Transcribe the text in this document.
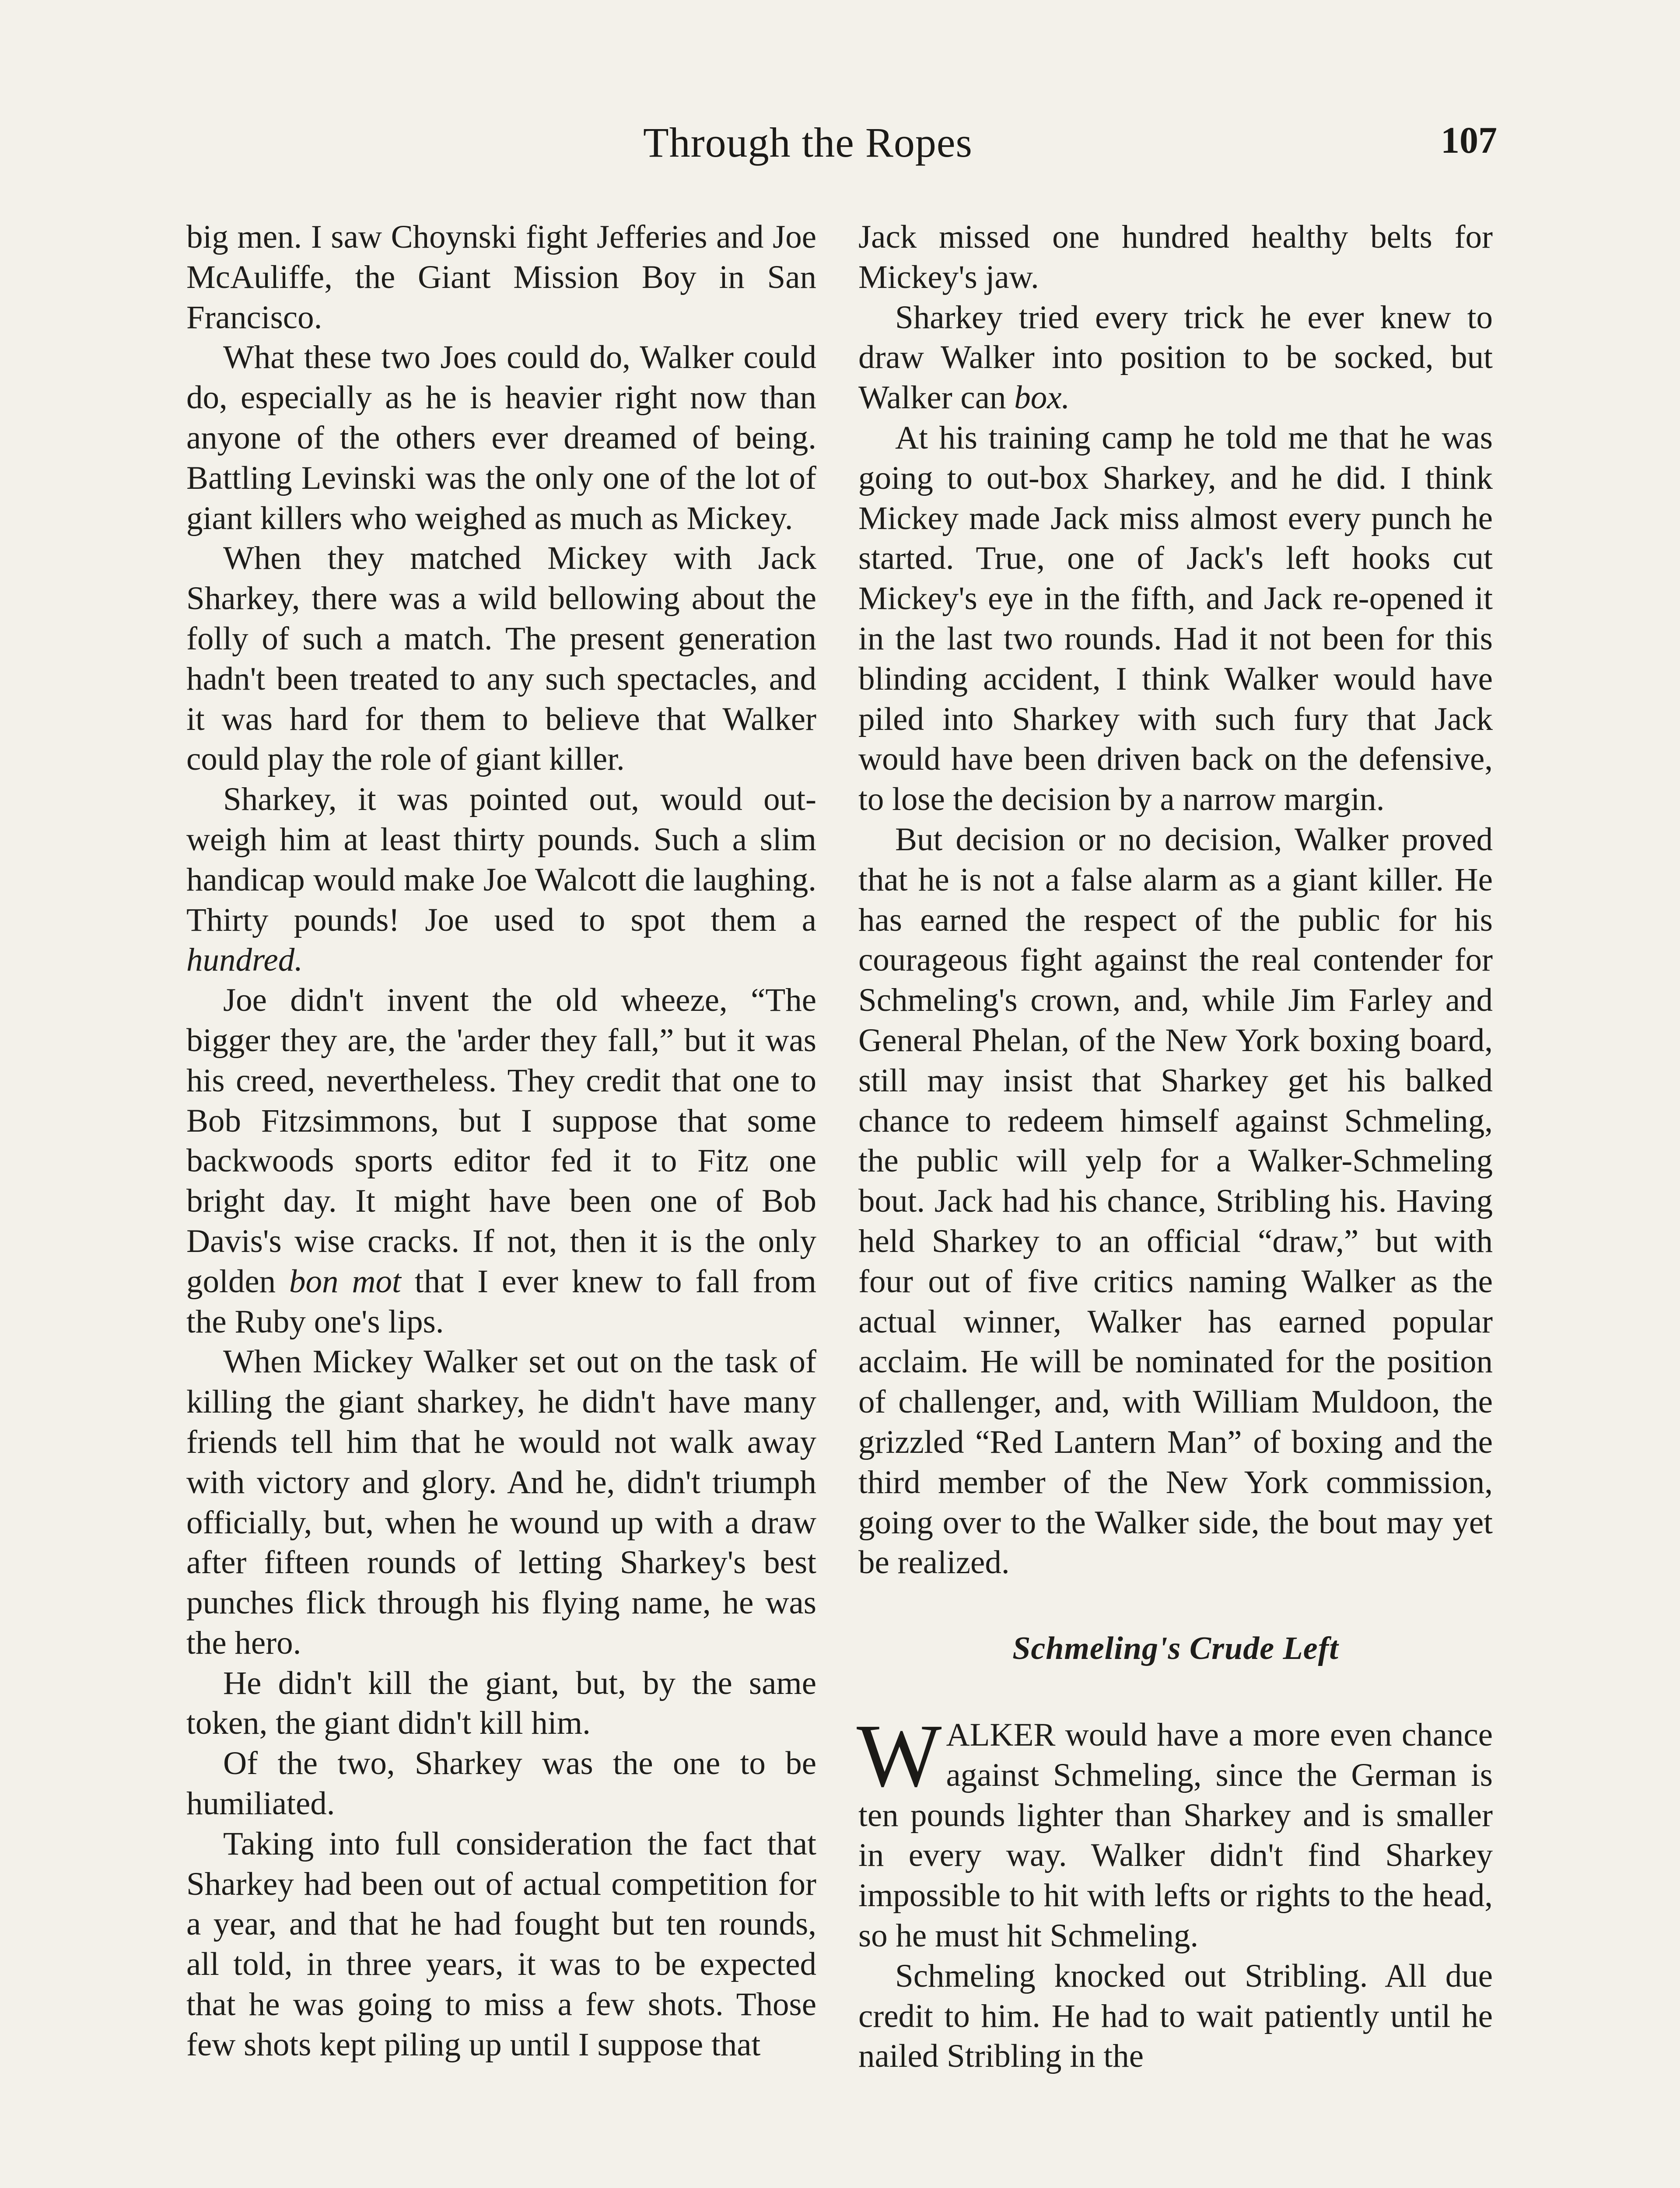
Through the Ropes	107

big men. I saw Choynski fight Jefferies and Joe McAuliffe, the Giant Mission Boy in San Francisco.

What these two Joes could do, Walker could do, especially as he is heavier right now than anyone of the others ever dreamed of being. Battling Levinski was the only one of the lot of giant killers who weighed as much as Mickey.

When they matched Mickey with Jack Sharkey, there was a wild bellowing about the folly of such a match. The present generation hadn't been treated to any such spectacles, and it was hard for them to believe that Walker could play the role of giant killer.

Sharkey, it was pointed out, would out-weigh him at least thirty pounds. Such a slim handicap would make Joe Walcott die laughing. Thirty pounds! Joe used to spot them a hundred.

Joe didn't invent the old wheeze, “The bigger they are, the 'arder they fall,” but it was his creed, nevertheless. They credit that one to Bob Fitzsimmons, but I suppose that some backwoods sports editor fed it to Fitz one bright day. It might have been one of Bob Davis's wise cracks. If not, then it is the only golden bon mot that I ever knew to fall from the Ruby one's lips.

When Mickey Walker set out on the task of killing the giant sharkey, he didn't have many friends tell him that he would not walk away with victory and glory. And he, didn't triumph officially, but, when he wound up with a draw after fifteen rounds of letting Sharkey's best punches flick through his flying name, he was the hero.

He didn't kill the giant, but, by the same token, the giant didn't kill him.

Of the two, Sharkey was the one to be humiliated.

Taking into full consideration the fact that Sharkey had been out of actual competition for a year, and that he had fought but ten rounds, all told, in three years, it was to be expected that he was going to miss a few shots. Those few shots kept piling up until I suppose that

Jack missed one hundred healthy belts for Mickey's jaw.

Sharkey tried every trick he ever knew to draw Walker into position to be socked, but Walker can box.

At his training camp he told me that he was going to out-box Sharkey, and he did. I think Mickey made Jack miss almost every punch he started. True, one of Jack's left hooks cut Mickey's eye in the fifth, and Jack re-opened it in the last two rounds. Had it not been for this blinding accident, I think Walker would have piled into Sharkey with such fury that Jack would have been driven back on the defensive, to lose the decision by a narrow margin.

But decision or no decision, Walker proved that he is not a false alarm as a giant killer. He has earned the respect of the public for his courageous fight against the real contender for Schmeling's crown, and, while Jim Farley and General Phelan, of the New York boxing board, still may insist that Sharkey get his balked chance to redeem himself against Schmeling, the public will yelp for a Walker-Schmeling bout. Jack had his chance, Stribling his. Having held Sharkey to an official “draw,” but with four out of five critics naming Walker as the actual winner, Walker has earned popular acclaim. He will be nominated for the position of challenger, and, with William Muldoon, the grizzled “Red Lantern Man” of boxing and the third member of the New York commission, going over to the Walker side, the bout may yet be realized.

Schmeling's Crude Left

WALKER would have a more even chance against Schmeling, since the German is ten pounds lighter than Sharkey and is smaller in every way. Walker didn't find Sharkey impossible to hit with lefts or rights to the head, so he must hit Schmeling.

Schmeling knocked out Stribling. All due credit to him. He had to wait patiently until he nailed Stribling in the
